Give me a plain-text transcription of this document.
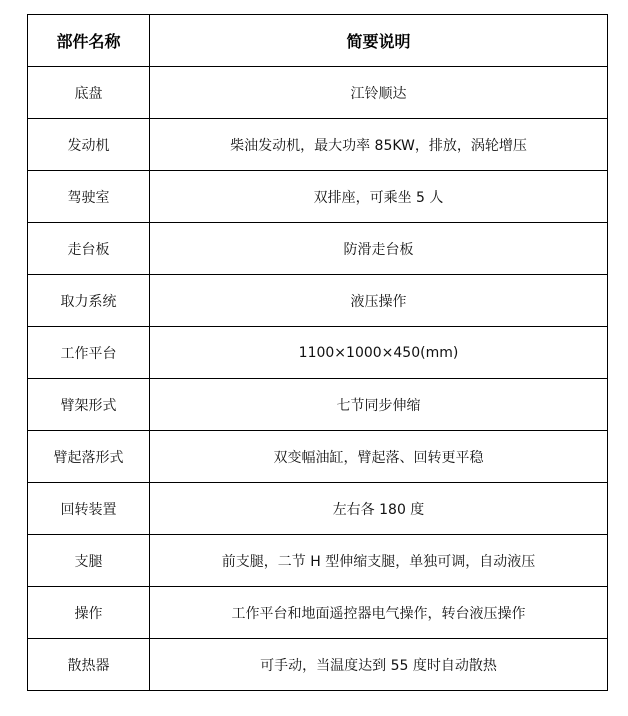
部件名称	简要说明
底盘	江铃顺达
发动机	柴油发动机，最大功率 85KW，排放，涡轮增压
驾驶室	双排座，可乘坐 5 人
走台板	防滑走台板
取力系统	液压操作
工作平台	1100×1000×450(mm)
臂架形式	七节同步伸缩
臂起落形式	双变幅油缸，臂起落、回转更平稳
回转装置	左右各 180 度
支腿	前支腿，二节 H 型伸缩支腿，单独可调，自动液压
操作	工作平台和地面遥控器电气操作，转台液压操作
散热器	可手动，当温度达到 55 度时自动散热
